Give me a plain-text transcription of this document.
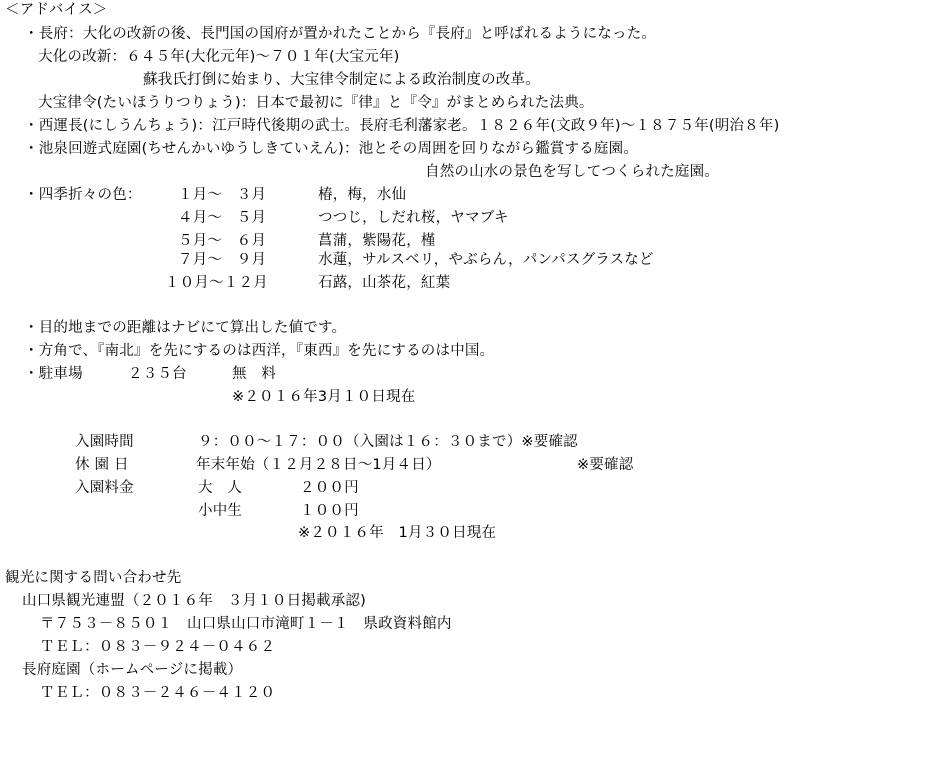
＜アドバイス＞
・長府：大化の改新の後、長門国の国府が置かれたことから『長府』と呼ばれるようになった。
大化の改新：６４５年(大化元年)～７０１年(大宝元年)
蘇我氏打倒に始まり、大宝律令制定による政治制度の改革。
大宝律令(たいほうりつりょう)：日本で最初に『律』と『令』がまとめられた法典。
・西運長(にしうんちょう)：江戸時代後期の武士。長府毛利藩家老。１８２６年(文政９年)～１８７５年(明治８年)
・池泉回遊式庭園(ちせんかいゆうしきていえん)：池とその周囲を回りながら鑑賞する庭園。
自然の山水の景色を写してつくられた庭園。
・四季折々の色：	１月～　３月	椿，梅，水仙
４月～　５月	つつじ，しだれ桜，ヤマブキ
５月～　６月	菖蒲，紫陽花，槿
７月～　９月	水蓮，サルスベリ，やぶらん，パンパスグラスなど
１０月～１２月	石蕗，山茶花，紅葉
・目的地までの距離はナビにて算出した値です。
・方角で、『南北』を先にするのは西洋，『東西』を先にするのは中国。
・駐車場	２３５台	無　料
※２０１６年3月１０日現在
入園時間	９：００～１７：００（入園は１６：３０まで）※要確認
休 園 日	年末年始（１２月２８日～1月４日）	※要確認
入園料金	大　人	２００円
小中生	１００円
※２０１６年　1月３０日現在
観光に関する問い合わせ先
山口県観光連盟（２０１６年　３月１０日掲載承認)
〒７５３－８５０１　山口県山口市滝町１－１　県政資料館内
ＴＥＬ：０８３－９２４－０４６２
長府庭園（ホームページに掲載）
ＴＥＬ：０８３－２４６－４１２０
